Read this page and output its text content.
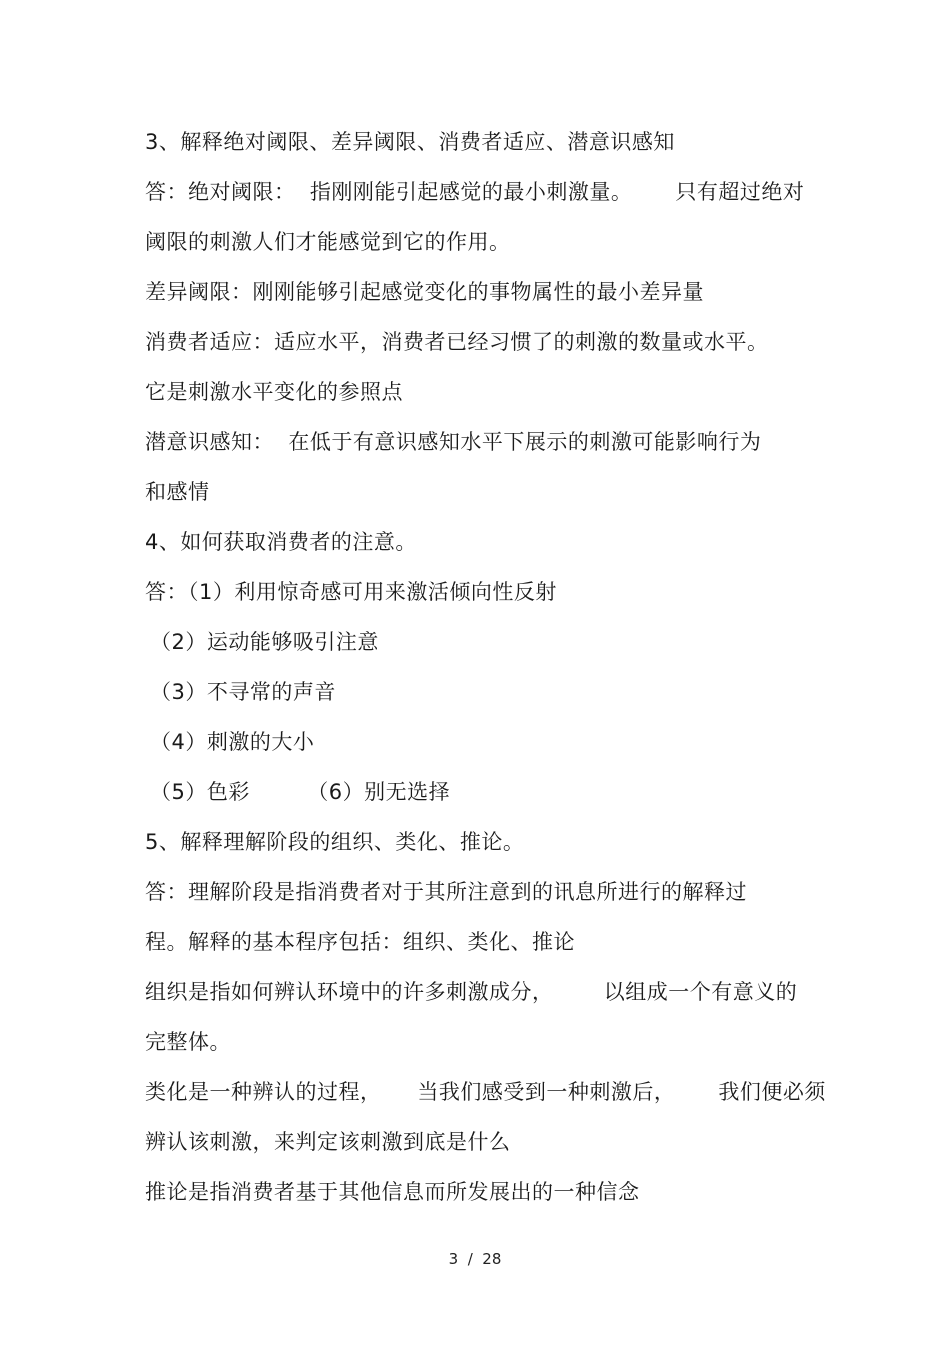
3、解释绝对阈限、差异阈限、消费者适应、潜意识感知
答：绝对阈限：  指刚刚能引起感觉的最小刺激量。      只有超过绝对
阈限的刺激人们才能感觉到它的作用。
差异阈限：刚刚能够引起感觉变化的事物属性的最小差异量
消费者适应：适应水平，消费者已经习惯了的刺激的数量或水平。
它是刺激水平变化的参照点
潜意识感知：  在低于有意识感知水平下展示的刺激可能影响行为
和感情
4、如何获取消费者的注意。
答：（1）利用惊奇感可用来激活倾向性反射
（2）运动能够吸引注意
（3）不寻常的声音
（4）刺激的大小
（5）色彩        （6）别无选择
5、解释理解阶段的组织、类化、推论。
答：理解阶段是指消费者对于其所注意到的讯息所进行的解释过
程。解释的基本程序包括：组织、类化、推论
组织是指如何辨认环境中的许多刺激成分，       以组成一个有意义的
完整体。
类化是一种辨认的过程，     当我们感受到一种刺激后，      我们便必须
辨认该刺激，来判定该刺激到底是什么
推论是指消费者基于其他信息而所发展出的一种信念
3  /  28
